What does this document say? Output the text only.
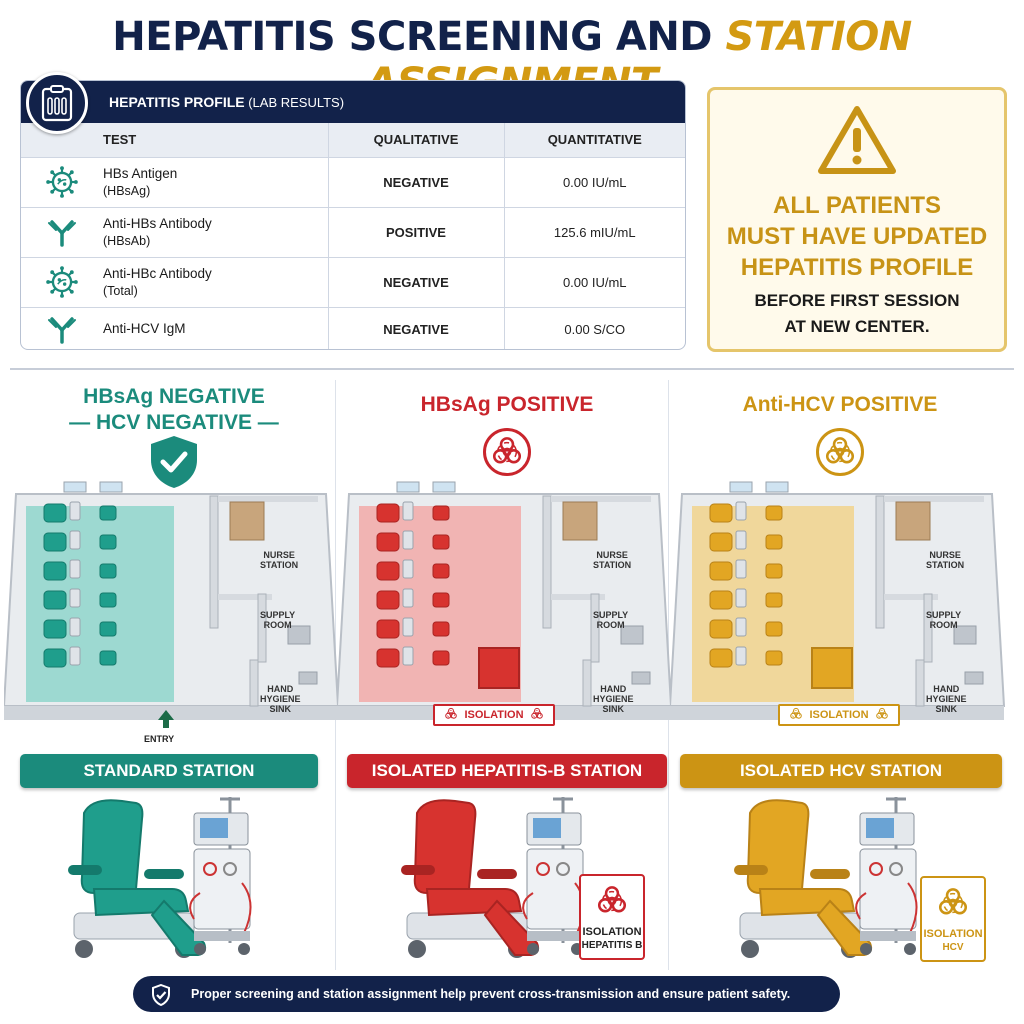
HEPATITIS SCREENING AND STATION
HEPATITIS PROFILE (LAB RESULTS)
TEST	QUALITATIVE	QUANTITATIVE

HBs Antigen
(HBsAg)	NEGATIVE	0.00 IU/mL

Anti-HBs Antibody
(HBsAb)	POSITIVE	125.6 mIU/mL

Anti-HBc Antibody
(Total)	NEGATIVE	0.00 IU/mL

Anti-HCV IgM	NEGATIVE	0.00 S/CO
ALL PATIENTS
MUST HAVE UPDATED
HEPATITIS PROFILE
BEFORE FIRST SESSION
AT NEW CENTER.
HBsAg NEGATIVE
— HCV NEGATIVE —
NURSE
STATION
SUPPLY
ROOM
HAND
HYGIENE
SINK
ENTRY
STANDARD STATION
HBsAg POSITIVE
NURSE
STATION
SUPPLY
ROOM
HAND
HYGIENE
SINK
ISOLATION
ISOLATED HEPATITIS-B STATION
ISOLATION
HEPATITIS B
Anti-HCV POSITIVE
NURSE
STATION
SUPPLY
ROOM
HAND
HYGIENE
SINK
ISOLATION
ISOLATED HCV STATION
ISOLATION
HCV
Proper screening and station assignment help prevent cross-transmission and ensure patient safety.
